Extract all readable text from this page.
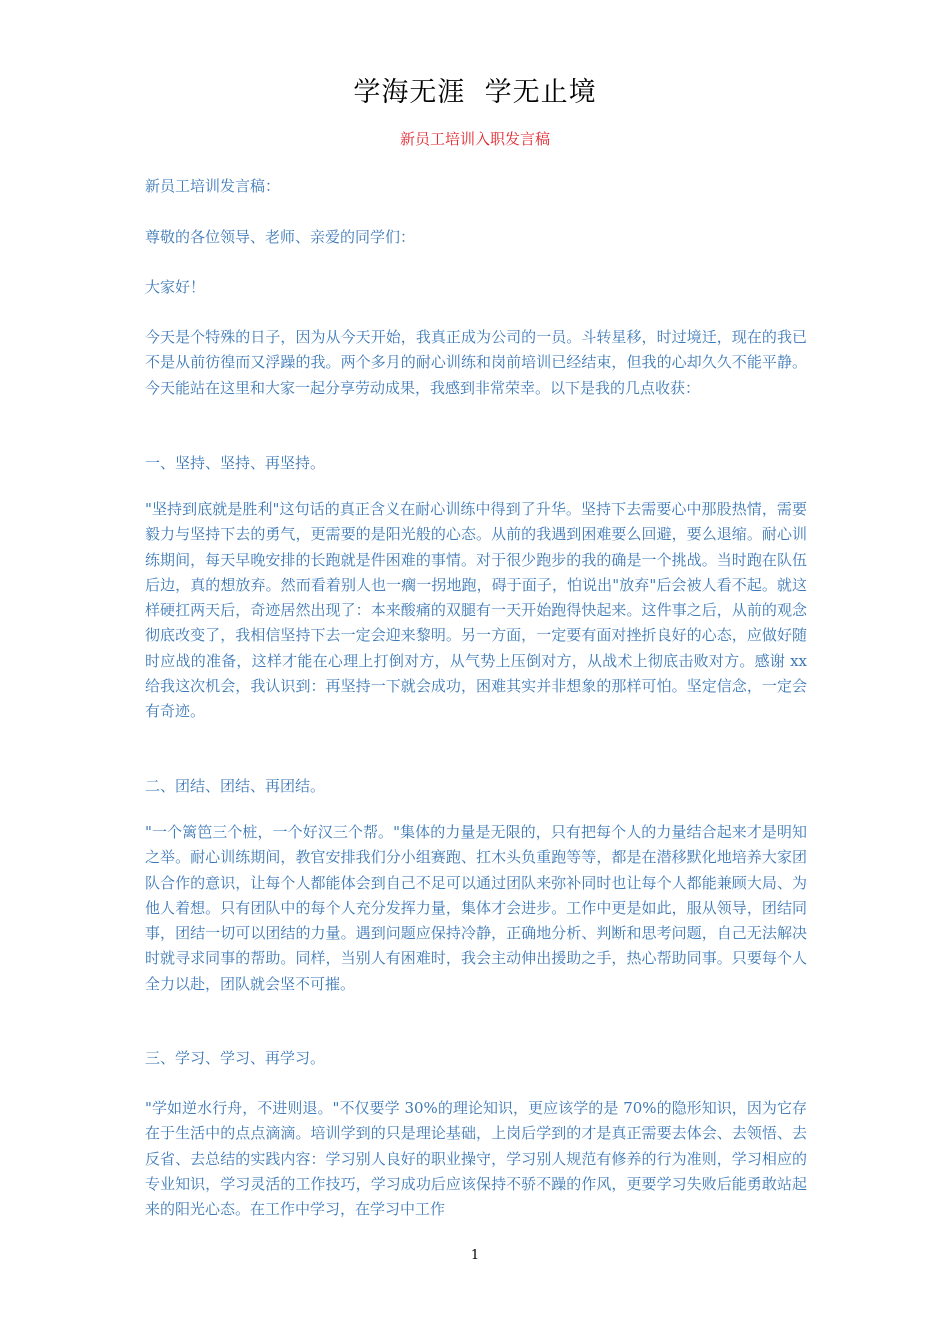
学海无涯  学无止境
新员工培训入职发言稿

新员工培训发言稿：

尊敬的各位领导、老师、亲爱的同学们：

大家好！

今天是个特殊的日子，因为从今天开始，我真正成为公司的一员。斗转星移，时过境迁，现在的我已不是从前彷徨而又浮躁的我。两个多月的耐心训练和岗前培训已经结束，但我的心却久久不能平静。今天能站在这里和大家一起分享劳动成果，我感到非常荣幸。以下是我的几点收获：

一、坚持、坚持、再坚持。

"坚持到底就是胜利"这句话的真正含义在耐心训练中得到了升华。坚持下去需要心中那股热情，需要毅力与坚持下去的勇气，更需要的是阳光般的心态。从前的我遇到困难要么回避，要么退缩。耐心训练期间，每天早晚安排的长跑就是件困难的事情。对于很少跑步的我的确是一个挑战。当时跑在队伍后边，真的想放弃。然而看着别人也一瘸一拐地跑，碍于面子，怕说出"放弃"后会被人看不起。就这样硬扛两天后，奇迹居然出现了：本来酸痛的双腿有一天开始跑得快起来。这件事之后，从前的观念彻底改变了，我相信坚持下去一定会迎来黎明。另一方面，一定要有面对挫折良好的心态，应做好随时应战的准备，这样才能在心理上打倒对方，从气势上压倒对方，从战术上彻底击败对方。感谢 xx 给我这次机会，我认识到：再坚持一下就会成功，困难其实并非想象的那样可怕。坚定信念，一定会有奇迹。

二、团结、团结、再团结。

"一个篱笆三个桩，一个好汉三个帮。"集体的力量是无限的，只有把每个人的力量结合起来才是明知之举。耐心训练期间，教官安排我们分小组赛跑、扛木头负重跑等等，都是在潜移默化地培养大家团队合作的意识，让每个人都能体会到自己不足可以通过团队来弥补同时也让每个人都能兼顾大局、为他人着想。只有团队中的每个人充分发挥力量，集体才会进步。工作中更是如此，服从领导，团结同事，团结一切可以团结的力量。遇到问题应保持冷静，正确地分析、判断和思考问题，自己无法解决时就寻求同事的帮助。同样，当别人有困难时，我会主动伸出援助之手，热心帮助同事。只要每个人全力以赴，团队就会坚不可摧。

三、学习、学习、再学习。

"学如逆水行舟，不进则退。"不仅要学 30%的理论知识，更应该学的是 70%的隐形知识，因为它存在于生活中的点点滴滴。培训学到的只是理论基础，上岗后学到的才是真正需要去体会、去领悟、去反省、去总结的实践内容：学习别人良好的职业操守，学习别人规范有修养的行为准则，学习相应的专业知识，学习灵活的工作技巧，学习成功后应该保持不骄不躁的作风，更要学习失败后能勇敢站起来的阳光心态。在工作中学习，在学习中工作

1
